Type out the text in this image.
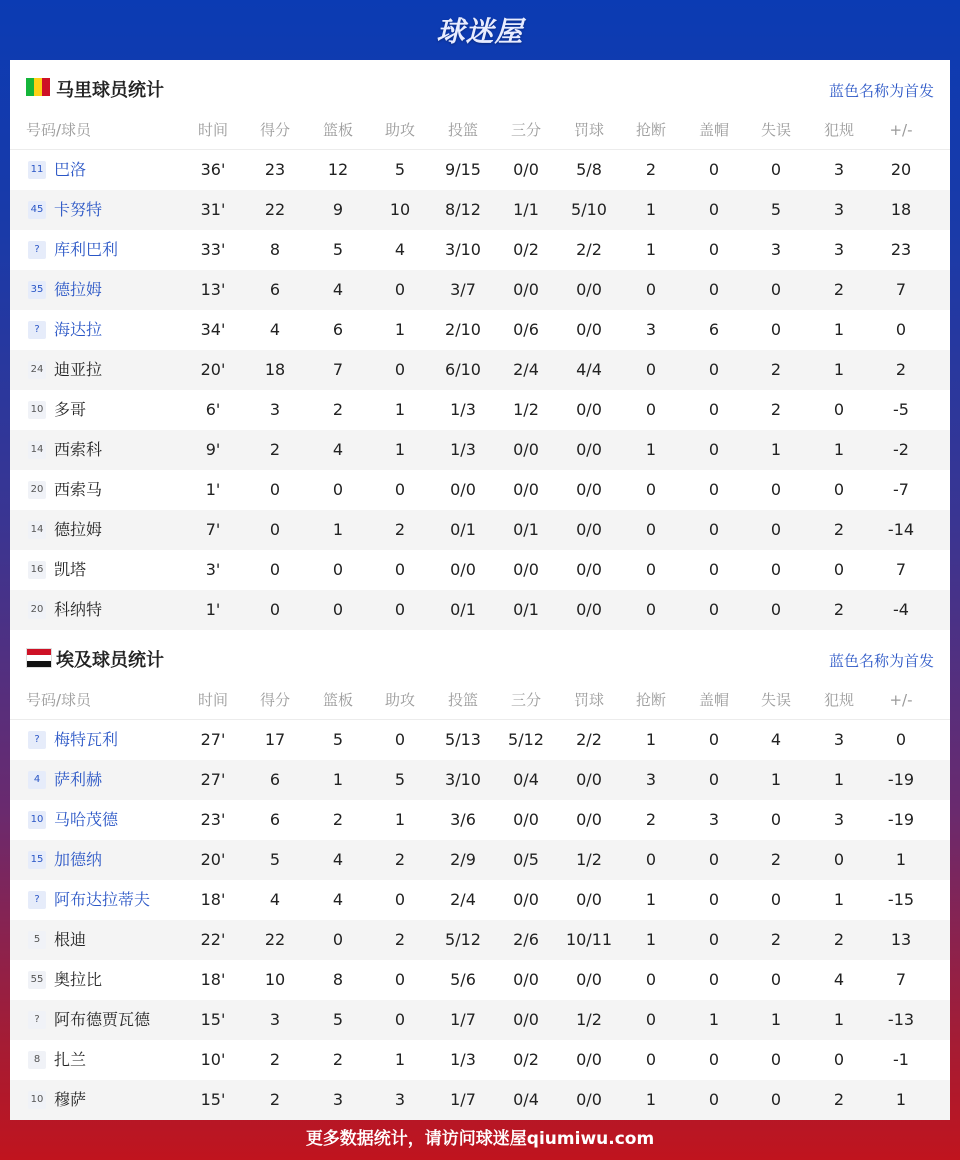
球迷屋
马里球员统计	蓝色名称为首发
号码/球员	时间	得分	篮板	助攻	投篮	三分	罚球	抢断	盖帽	失误	犯规	+/-
11 巴洛	36'	23	12	5	9/15	0/0	5/8	2	0	0	3	20
45 卡努特	31'	22	9	10	8/12	1/1	5/10	1	0	5	3	18
? 库利巴利	33'	8	5	4	3/10	0/2	2/2	1	0	3	3	23
35 德拉姆	13'	6	4	0	3/7	0/0	0/0	0	0	0	2	7
? 海达拉	34'	4	6	1	2/10	0/6	0/0	3	6	0	1	0
24 迪亚拉	20'	18	7	0	6/10	2/4	4/4	0	0	2	1	2
10 多哥	6'	3	2	1	1/3	1/2	0/0	0	0	2	0	-5
14 西索科	9'	2	4	1	1/3	0/0	0/0	1	0	1	1	-2
20 西索马	1'	0	0	0	0/0	0/0	0/0	0	0	0	0	-7
14 德拉姆	7'	0	1	2	0/1	0/1	0/0	0	0	0	2	-14
16 凯塔	3'	0	0	0	0/0	0/0	0/0	0	0	0	0	7
20 科纳特	1'	0	0	0	0/1	0/1	0/0	0	0	0	2	-4
埃及球员统计	蓝色名称为首发
号码/球员	时间	得分	篮板	助攻	投篮	三分	罚球	抢断	盖帽	失误	犯规	+/-
? 梅特瓦利	27'	17	5	0	5/13	5/12	2/2	1	0	4	3	0
4 萨利赫	27'	6	1	5	3/10	0/4	0/0	3	0	1	1	-19
10 马哈茂德	23'	6	2	1	3/6	0/0	0/0	2	3	0	3	-19
15 加德纳	20'	5	4	2	2/9	0/5	1/2	0	0	2	0	1
? 阿布达拉蒂夫	18'	4	4	0	2/4	0/0	0/0	1	0	0	1	-15
5 根迪	22'	22	0	2	5/12	2/6	10/11	1	0	2	2	13
55 奥拉比	18'	10	8	0	5/6	0/0	0/0	0	0	0	4	7
? 阿布德贾瓦德	15'	3	5	0	1/7	0/0	1/2	0	1	1	1	-13
8 扎兰	10'	2	2	1	1/3	0/2	0/0	0	0	0	0	-1
10 穆萨	15'	2	3	3	1/7	0/4	0/0	1	0	0	2	1
更多数据统计，请访问球迷屋qiumiwu.com
